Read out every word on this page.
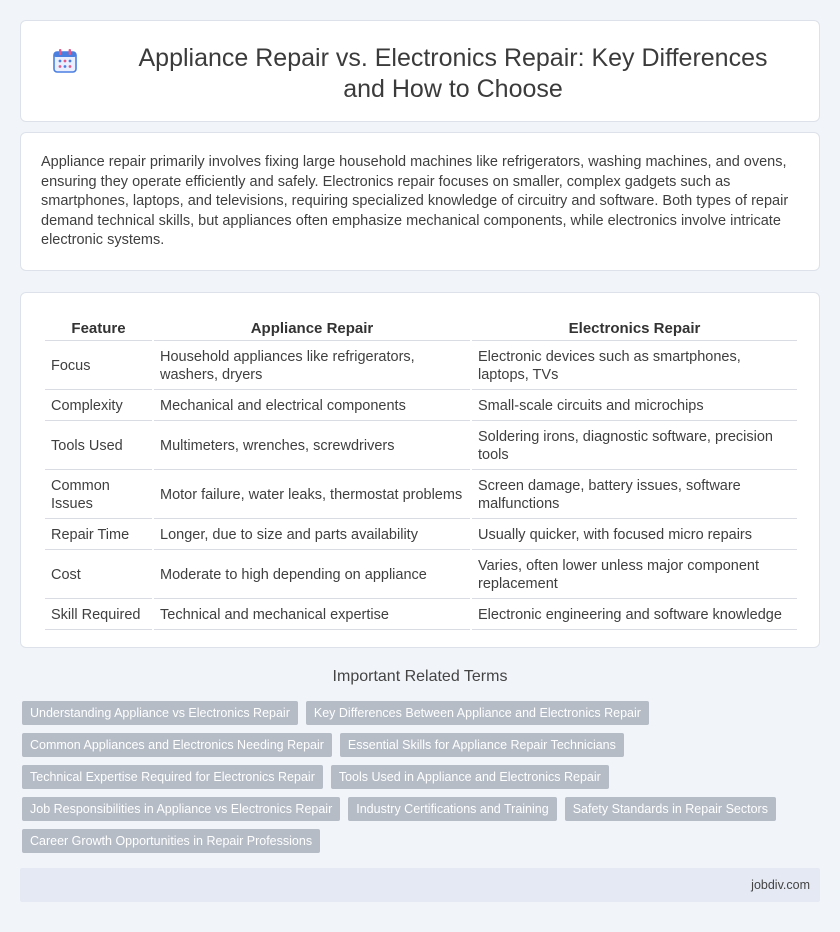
Appliance Repair vs. Electronics Repair: Key Differences and How to Choose

Appliance repair primarily involves fixing large household machines like refrigerators, washing machines, and ovens, ensuring they operate efficiently and safely. Electronics repair focuses on smaller, complex gadgets such as smartphones, laptops, and televisions, requiring specialized knowledge of circuitry and software. Both types of repair demand technical skills, but appliances often emphasize mechanical components, while electronics involve intricate electronic systems.

Feature	Appliance Repair	Electronics Repair
Focus	Household appliances like refrigerators, washers, dryers	Electronic devices such as smartphones, laptops, TVs
Complexity	Mechanical and electrical components	Small-scale circuits and microchips
Tools Used	Multimeters, wrenches, screwdrivers	Soldering irons, diagnostic software, precision tools
Common Issues	Motor failure, water leaks, thermostat problems	Screen damage, battery issues, software malfunctions
Repair Time	Longer, due to size and parts availability	Usually quicker, with focused micro repairs
Cost	Moderate to high depending on appliance	Varies, often lower unless major component replacement
Skill Required	Technical and mechanical expertise	Electronic engineering and software knowledge
Important Related Terms
Understanding Appliance vs Electronics Repair	Key Differences Between Appliance and Electronics Repair
Common Appliances and Electronics Needing Repair	Essential Skills for Appliance Repair Technicians
Technical Expertise Required for Electronics Repair	Tools Used in Appliance and Electronics Repair
Job Responsibilities in Appliance vs Electronics Repair	Industry Certifications and Training	Safety Standards in Repair Sectors
Career Growth Opportunities in Repair Professions
jobdiv.com
